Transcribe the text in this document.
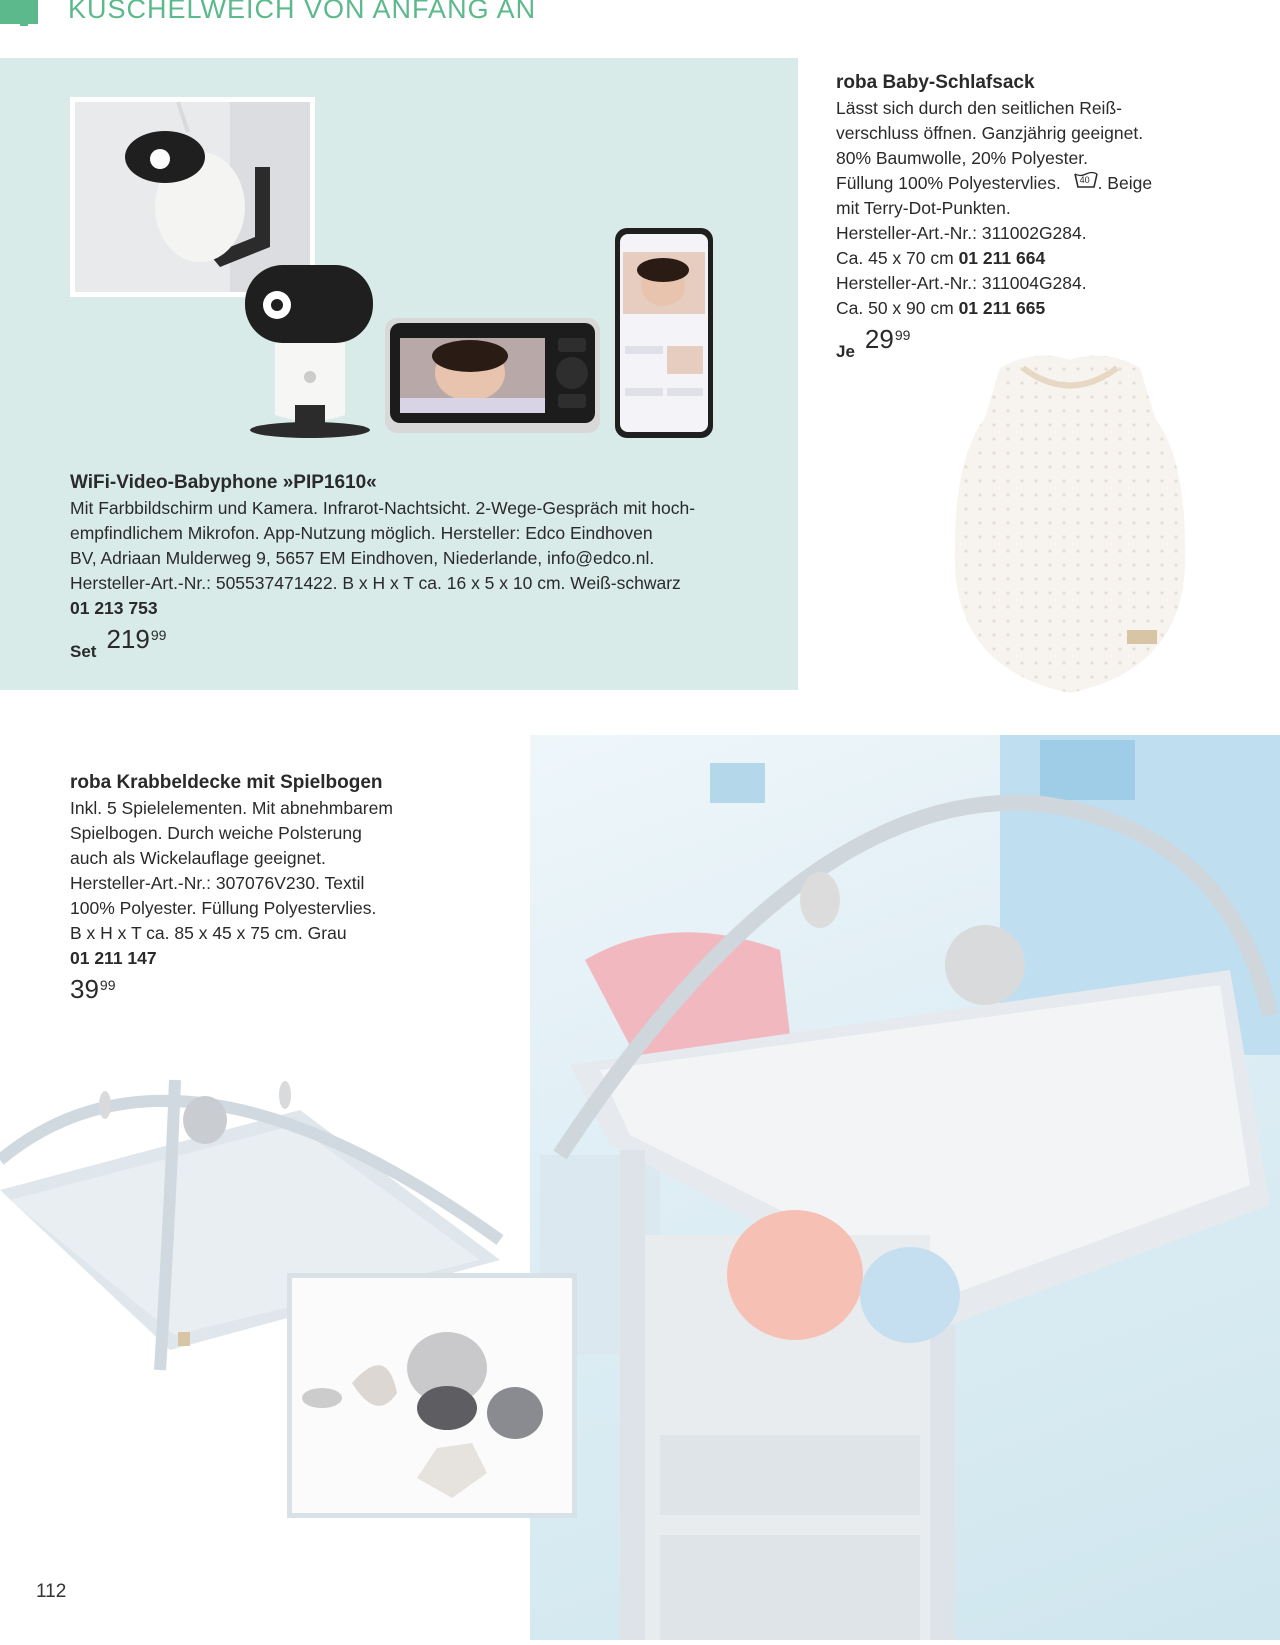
KUSCHELWEICH VON ANFANG AN
WiFi-Video-Babyphone »PIP1610«
Mit Farbbildschirm und Kamera. Infrarot-Nachtsicht. 2-Wege-Gespräch mit hoch-
empfindlichem Mikrofon. App-Nutzung möglich. Hersteller: Edco Eindhoven
BV, Adriaan Mulderweg 9, 5657 EM Eindhoven, Niederlande, info@edco.nl.
Hersteller-Art.-Nr.: 505537471422. B x H x T ca. 16 x 5 x 10 cm. Weiß-schwarz
01 213 753
Set $219^{99}$
roba Baby-Schlafsack
Lässt sich durch den seitlichen Reiß-
verschluss öffnen. Ganzjährig geeignet.
80% Baumwolle, 20% Polyester.
Füllung 100% Polyestervlies. 40 . Beige
mit Terry-Dot-Punkten.
Hersteller-Art.-Nr.: 311002G284.
Ca. 45 x 70 cm 01 211 664
Hersteller-Art.-Nr.: 311004G284.
Ca. 50 x 90 cm 01 211 665
Je $29^{99}$
roba Krabbeldecke mit Spielbogen
Inkl. 5 Spielelementen. Mit abnehmbarem
Spielbogen. Durch weiche Polsterung
auch als Wickelauflage geeignet.
Hersteller-Art.-Nr.: 307076V230. Textil
100% Polyester. Füllung Polyestervlies.
B x H x T ca. 85 x 45 x 75 cm. Grau
01 211 147
$39^{99}$
112
